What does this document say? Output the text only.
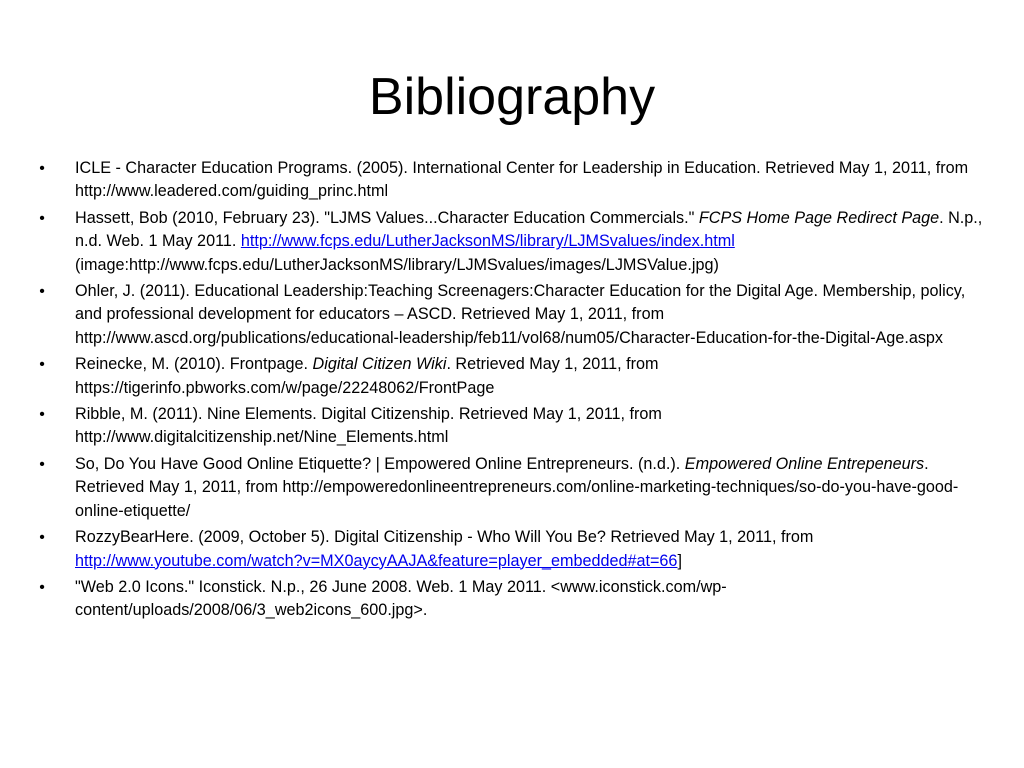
Bibliography
•	ICLE - Character Education Programs. (2005). International Center for Leadership in Education. Retrieved May 1, 2011, from http://www.leadered.com/guiding_princ.html
•	Hassett, Bob (2010, February 23). "LJMS Values...Character Education Commercials." FCPS Home Page Redirect Page. N.p., n.d. Web. 1 May 2011. http://www.fcps.edu/LutherJacksonMS/library/LJMSvalues/index.html (image:http://www.fcps.edu/LutherJacksonMS/library/LJMSvalues/images/LJMSValue.jpg)
•	Ohler, J. (2011). Educational Leadership:Teaching Screenagers:Character Education for the Digital Age. Membership, policy, and professional development for educators – ASCD. Retrieved May 1, 2011, from http://www.ascd.org/publications/educational-leadership/feb11/vol68/num05/Character-Education-for-the-Digital-Age.aspx
•	Reinecke, M. (2010). Frontpage. Digital Citizen Wiki. Retrieved May 1, 2011, from https://tigerinfo.pbworks.com/w/page/22248062/FrontPage
•	Ribble, M. (2011). Nine Elements. Digital Citizenship. Retrieved May 1, 2011, from http://www.digitalcitizenship.net/Nine_Elements.html
•	So, Do You Have Good Online Etiquette? | Empowered Online Entrepreneurs. (n.d.). Empowered Online Entrepeneurs. Retrieved May 1, 2011, from http://empoweredonlineentrepreneurs.com/online-marketing-techniques/so-do-you-have-good-online-etiquette/
•	RozzyBearHere. (2009, October 5). Digital Citizenship - Who Will You Be? Retrieved May 1, 2011, from http://www.youtube.com/watch?v=MX0aycyAAJA&feature=player_embedded#at=66]
•	"Web 2.0 Icons." Iconstick. N.p., 26 June 2008. Web. 1 May 2011. <www.iconstick.com/wp-content/uploads/2008/06/3_web2icons_600.jpg>.
